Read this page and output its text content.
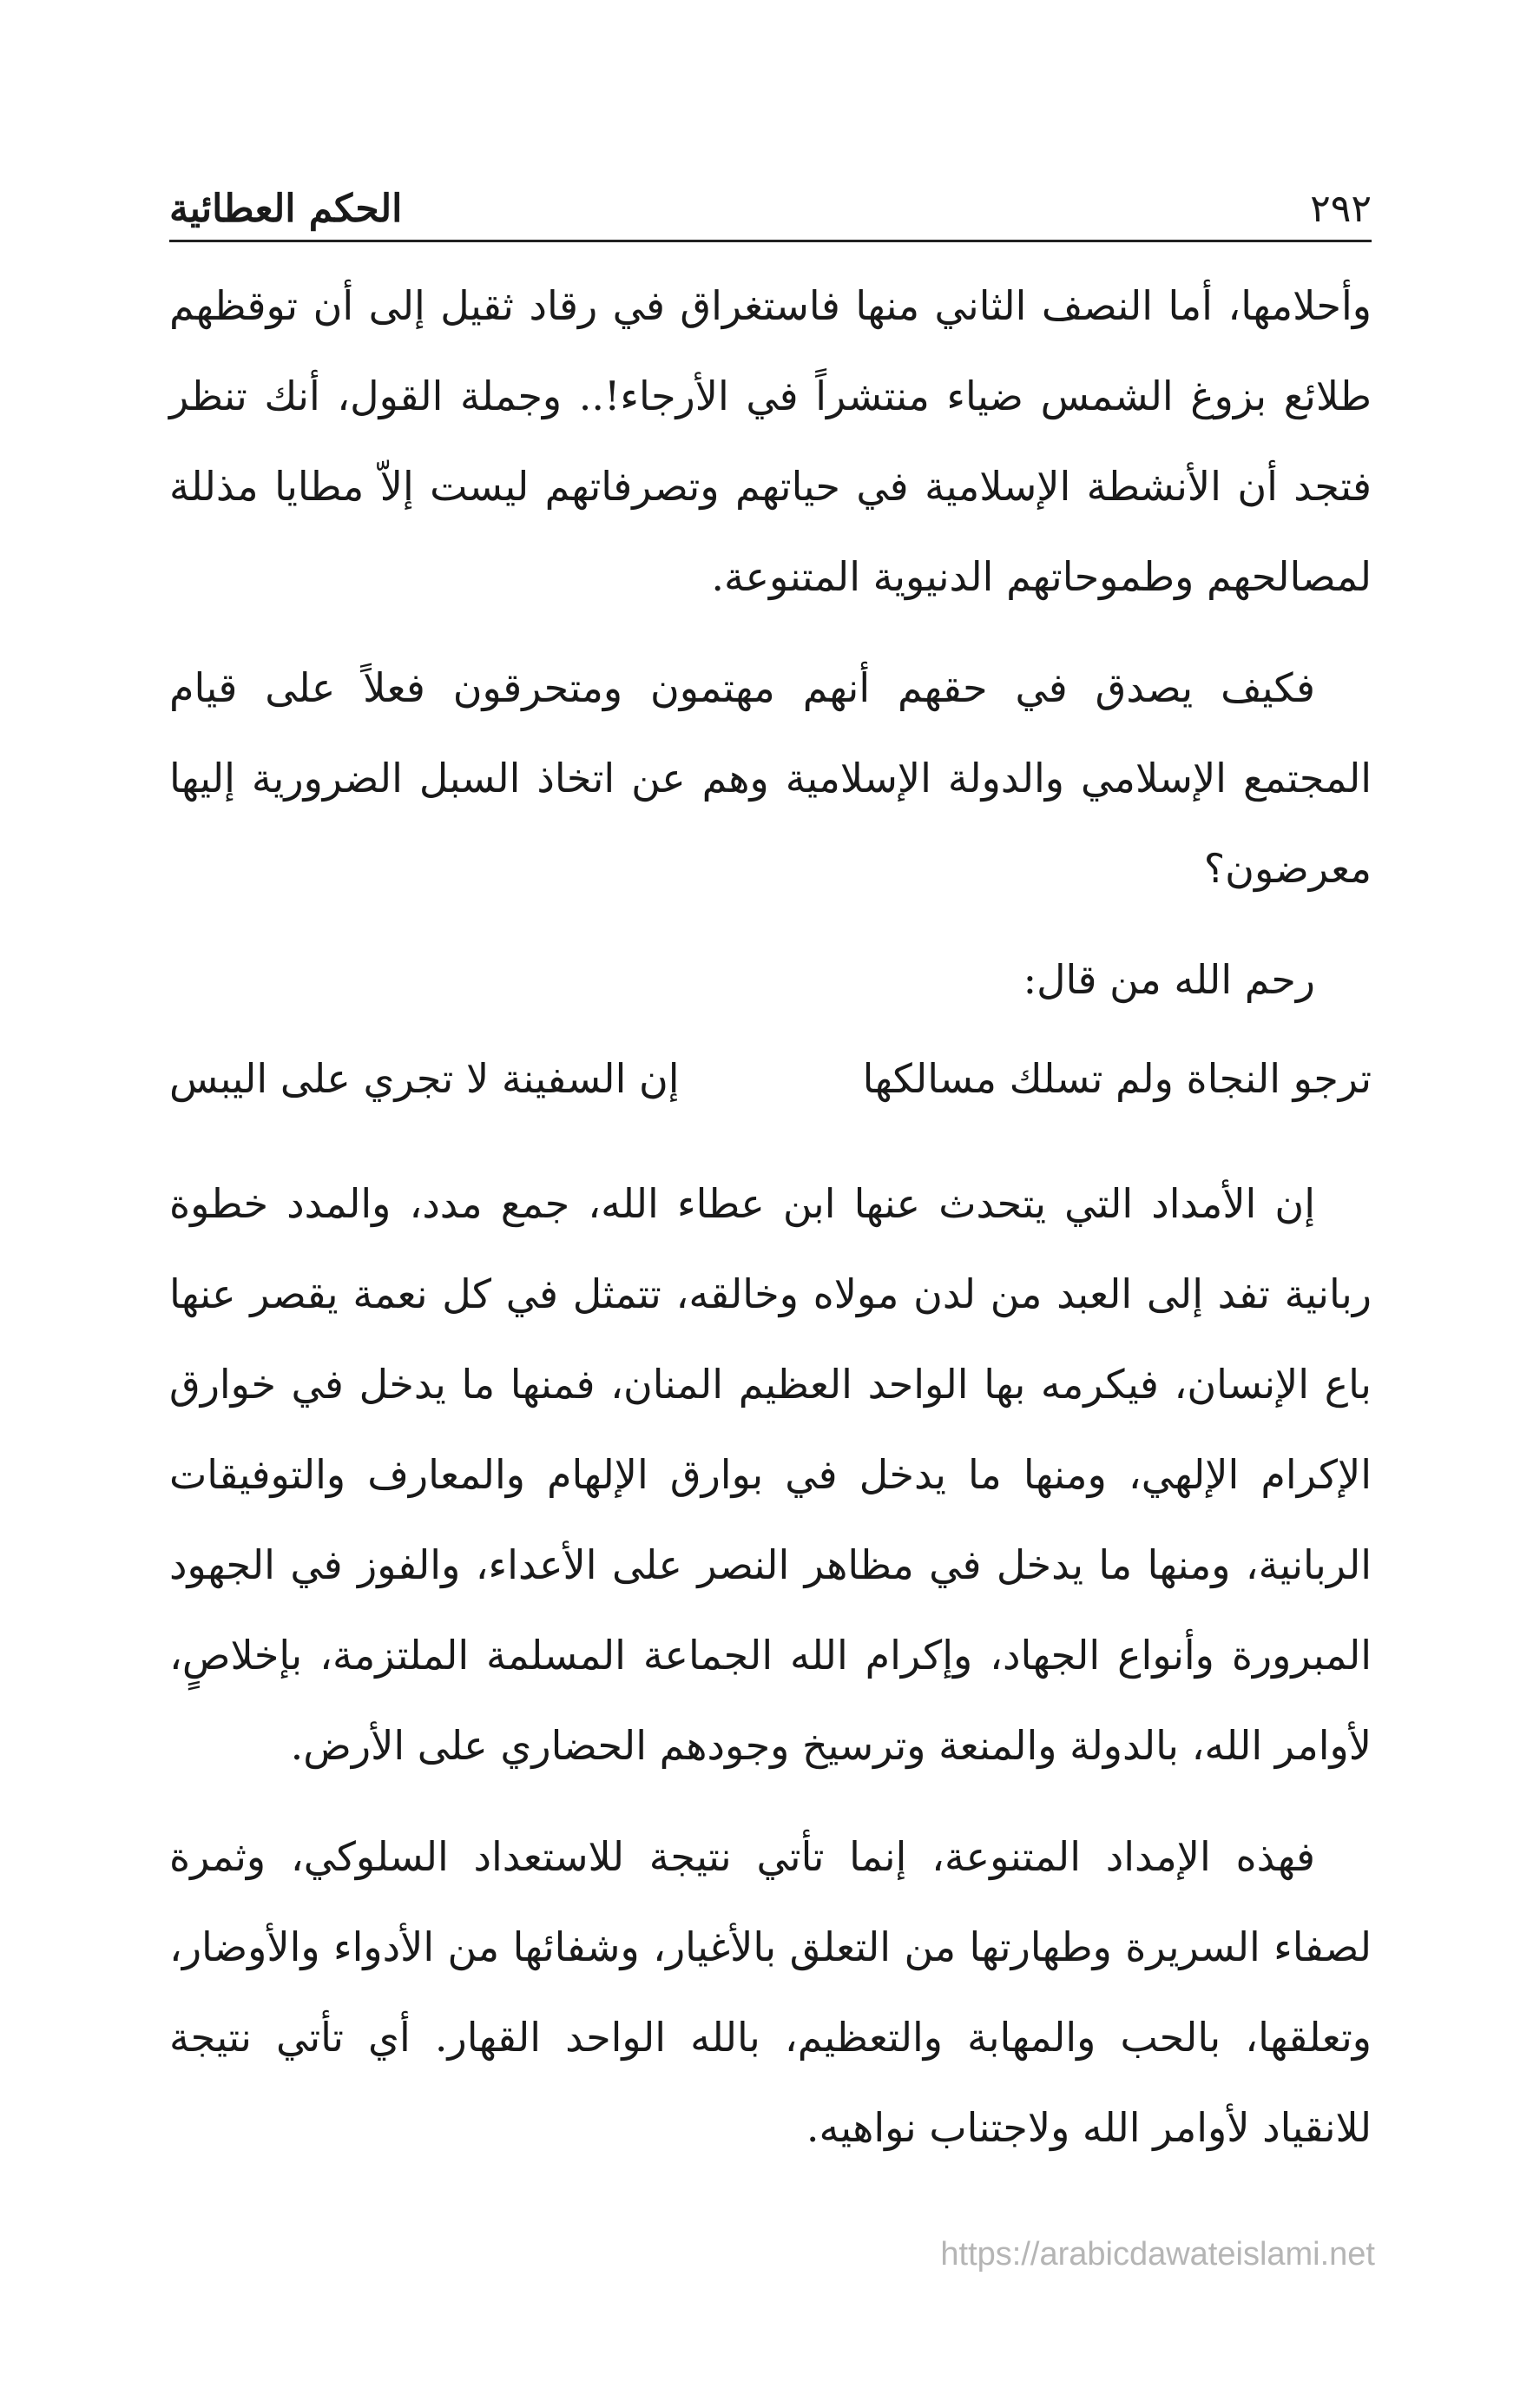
٢٩٢
الحكم العطائية

وأحلامها، أما النصف الثاني منها فاستغراق في رقاد ثقيل إلى أن توقظهم طلائع بزوغ الشمس ضياء منتشراً في الأرجاء!.. وجملة القول، أنك تنظر فتجد أن الأنشطة الإسلامية في حياتهم وتصرفاتهم ليست إلاّ مطايا مذللة لمصالحهم وطموحاتهم الدنيوية المتنوعة.

فكيف يصدق في حقهم أنهم مهتمون ومتحرقون فعلاً على قيام المجتمع الإسلامي والدولة الإسلامية وهم عن اتخاذ السبل الضرورية إليها معرضون؟

رحم الله من قال:

ترجو النجاة ولم تسلك مسالكها
إن السفينة لا تجري على اليبس

إن الأمداد التي يتحدث عنها ابن عطاء الله، جمع مدد، والمدد خطوة ربانية تفد إلى العبد من لدن مولاه وخالقه، تتمثل في كل نعمة يقصر عنها باع الإنسان، فيكرمه بها الواحد العظيم المنان، فمنها ما يدخل في خوارق الإكرام الإلهي، ومنها ما يدخل في بوارق الإلهام والمعارف والتوفيقات الربانية، ومنها ما يدخل في مظاهر النصر على الأعداء، والفوز في الجهود المبرورة وأنواع الجهاد، وإكرام الله الجماعة المسلمة الملتزمة، بإخلاصٍ، لأوامر الله، بالدولة والمنعة وترسيخ وجودهم الحضاري على الأرض.

فهذه الإمداد المتنوعة، إنما تأتي نتيجة للاستعداد السلوكي، وثمرة لصفاء السريرة وطهارتها من التعلق بالأغيار، وشفائها من الأدواء والأوضار، وتعلقها، بالحب والمهابة والتعظيم، بالله الواحد القهار. أي تأتي نتيجة للانقياد لأوامر الله ولاجتناب نواهيه.

https://arabicdawateislami.net
